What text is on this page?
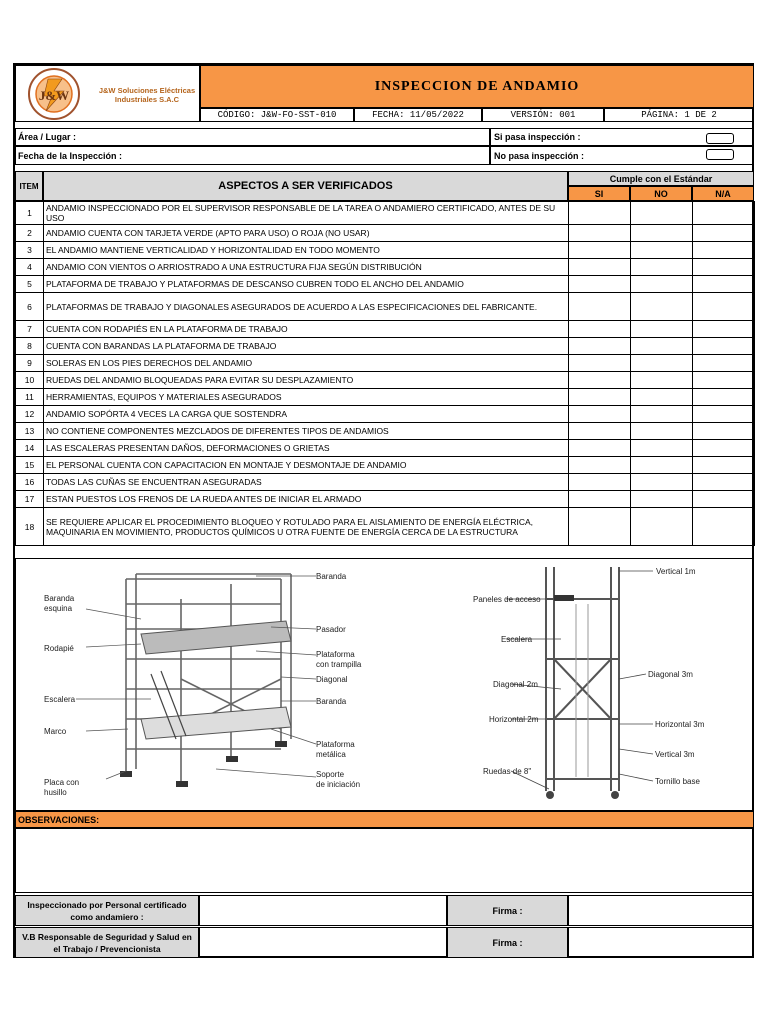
J&W	J&W Soluciones Eléctricas
Industriales S.A.C
INSPECCION DE ANDAMIO
CÓDIGO: J&W-FO-SST-010	FECHA: 11/05/2022	VERSIÓN: 001	PÁGINA: 1 DE 2
Área / Lugar :
Fecha de la Inspección :
Si pasa inspección :
No pasa inspección :
ITEM	ASPECTOS A SER VERIFICADOS
Cumple con el Estándar
SI	NO	N/A
1	ANDAMIO INSPECCIONADO POR EL SUPERVISOR RESPONSABLE DE LA TAREA O ANDAMIERO CERTIFICADO, ANTES DE SU USO			
2	ANDAMIO CUENTA CON TARJETA VERDE (APTO PARA USO) O ROJA (NO USAR)			
3	EL ANDAMIO MANTIENE VERTICALIDAD Y HORIZONTALIDAD EN TODO MOMENTO			
4	ANDAMIO CON VIENTOS O ARRIOSTRADO A UNA ESTRUCTURA FIJA SEGÚN DISTRIBUCIÓN			
5	PLATAFORMA DE TRABAJO Y PLATAFORMAS DE DESCANSO CUBREN TODO EL ANCHO DEL ANDAMIO			
6	PLATAFORMAS DE TRABAJO Y DIAGONALES ASEGURADOS DE ACUERDO A LAS ESPECIFICACIONES DEL FABRICANTE.			
7	CUENTA CON RODAPIÉS EN LA PLATAFORMA DE TRABAJO			
8	CUENTA CON BARANDAS LA PLATAFORMA DE TRABAJO			
9	SOLERAS EN LOS PIES DERECHOS DEL ANDAMIO			
10	RUEDAS DEL ANDAMIO BLOQUEADAS PARA EVITAR SU DESPLAZAMIENTO			
11	HERRAMIENTAS, EQUIPOS Y MATERIALES ASEGURADOS			
12	ANDAMIO SOPÓRTA 4 VECES LA CARGA QUE SOSTENDRA			
13	NO CONTIENE COMPONENTES MEZCLADOS DE DIFERENTES TIPOS DE ANDAMIOS			
14	LAS ESCALERAS PRESENTAN DAÑOS, DEFORMACIONES O GRIETAS			
15	EL PERSONAL CUENTA CON CAPACITACION EN MONTAJE Y DESMONTAJE DE ANDAMIO			
16	TODAS LAS CUÑAS SE ENCUENTRAN ASEGURADAS			
17	ESTAN PUESTOS LOS FRENOS DE LA RUEDA ANTES DE INICIAR EL ARMADO			
18	SE REQUIERE APLICAR EL PROCEDIMIENTO BLOQUEO Y ROTULADO PARA EL AISLAMIENTO DE ENERGÍA ELÉCTRICA, MAQUINARIA EN MOVIMIENTO, PRODUCTOS QUÍMICOS U OTRA FUENTE DE ENERGÍA CERCA DE LA ESTRUCTURA			
Baranda
Baranda
esquina
Pasador
Rodapié
Plataforma
con trampilla
Diagonal
Escalera	Baranda
Marco
Plataforma
metálica
Placa con
husillo
Soporte
de iniciación
Vertical 1m
Paneles de acceso
Escalera
Diagonal 3m
Diagonal 2m
Horizontal 2m
Horizontal 3m
Vertical 3m
Ruedas de 8"
Tornillo base
OBSERVACIONES:
Inspeccionado por Personal certificado
como andamiero :
Firma :
V.B Responsable de Seguridad y Salud en
el Trabajo / Prevencionista
Firma :
